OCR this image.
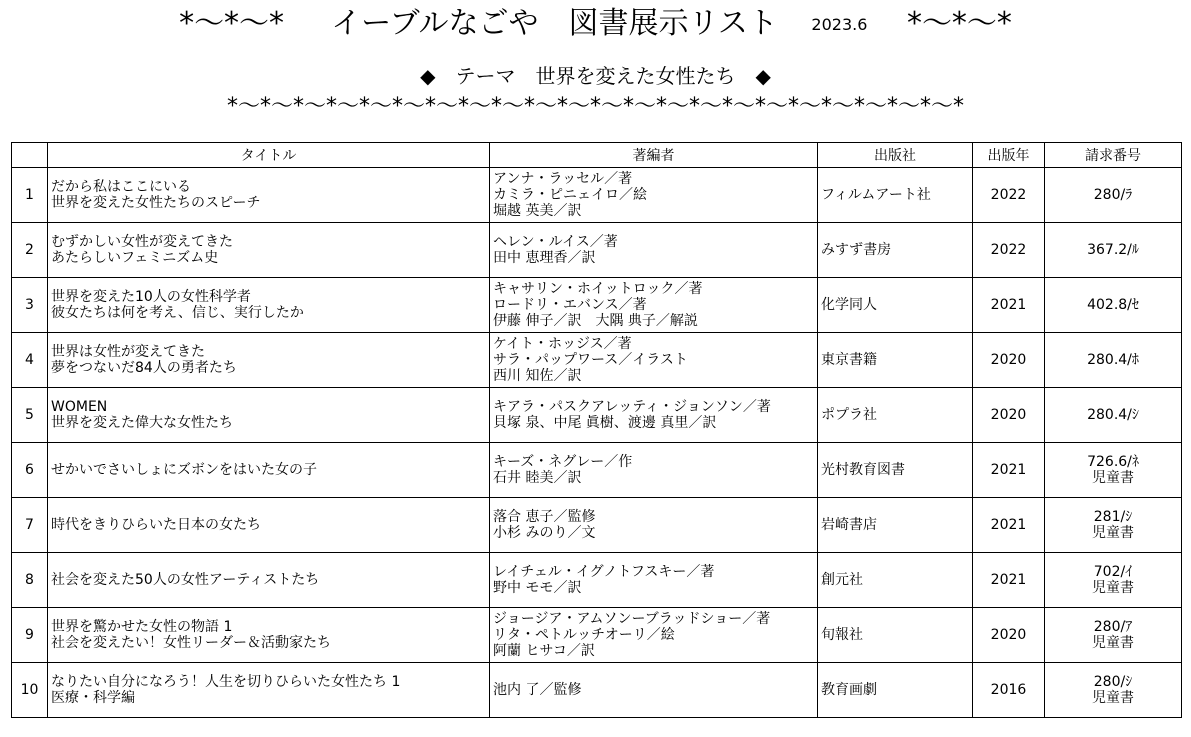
*〜*〜* イーブルなごや　図書展示リスト 2023.6 *〜*〜*
◆　テーマ　世界を変えた女性たち　◆
*〜*〜*〜*〜*〜*〜*〜*〜*〜*〜*〜*〜*〜*〜*〜*〜*〜*〜*〜*〜*〜*〜*
	タイトル	著編者	出版社	出版年	請求番号
1	だから私はここにいる
世界を変えた女性たちのスピーチ	アンナ・ラッセル／著
カミラ・ピニェイロ／絵
堀越 英美／訳	フィルムアート社	2022	280/ﾗ

2	むずかしい女性が変えてきた
あたらしいフェミニズム史	ヘレン・ルイス／著
田中 恵理香／訳	みすず書房	2022	367.2/ﾙ

3	世界を変えた10人の女性科学者
彼女たちは何を考え、信じ、実行したか	キャサリン・ホイットロック／著
ロードリ・エバンス／著
伊藤 伸子／訳　大隅 典子／解説	化学同人	2021	402.8/ｾ

4	世界は女性が変えてきた
夢をつないだ84人の勇者たち	ケイト・ホッジス／著
サラ・パップワース／イラスト
西川 知佐／訳	東京書籍	2020	280.4/ﾎ

5	WOMEN
世界を変えた偉大な女性たち	キアラ・パスクアレッティ・ジョンソン／著
貝塚 泉、中尾 眞樹、渡邊 真里／訳	ポプラ社	2020	280.4/ｼ

6	せかいでさいしょにズボンをはいた女の子	キーズ・ネグレー／作
石井 睦美／訳	光村教育図書	2021	726.6/ﾈ
児童書

7	時代をきりひらいた日本の女たち	落合 恵子／監修
小杉 みのり／文	岩崎書店	2021	281/ｼ
児童書

8	社会を変えた50人の女性アーティストたち	レイチェル・イグノトフスキー／著
野中 モモ／訳	創元社	2021	702/ｲ
児童書

9	世界を驚かせた女性の物語 1
社会を変えたい！女性リーダー＆活動家たち	ジョージア・アムソンーブラッドショー／著
リタ・ペトルッチオーリ／絵
阿蘭 ヒサコ／訳	旬報社	2020	280/ｱ
児童書

10	なりたい自分になろう！人生を切りひらいた女性たち 1
医療・科学編	池内 了／監修	教育画劇	2016	280/ｼ
児童書
